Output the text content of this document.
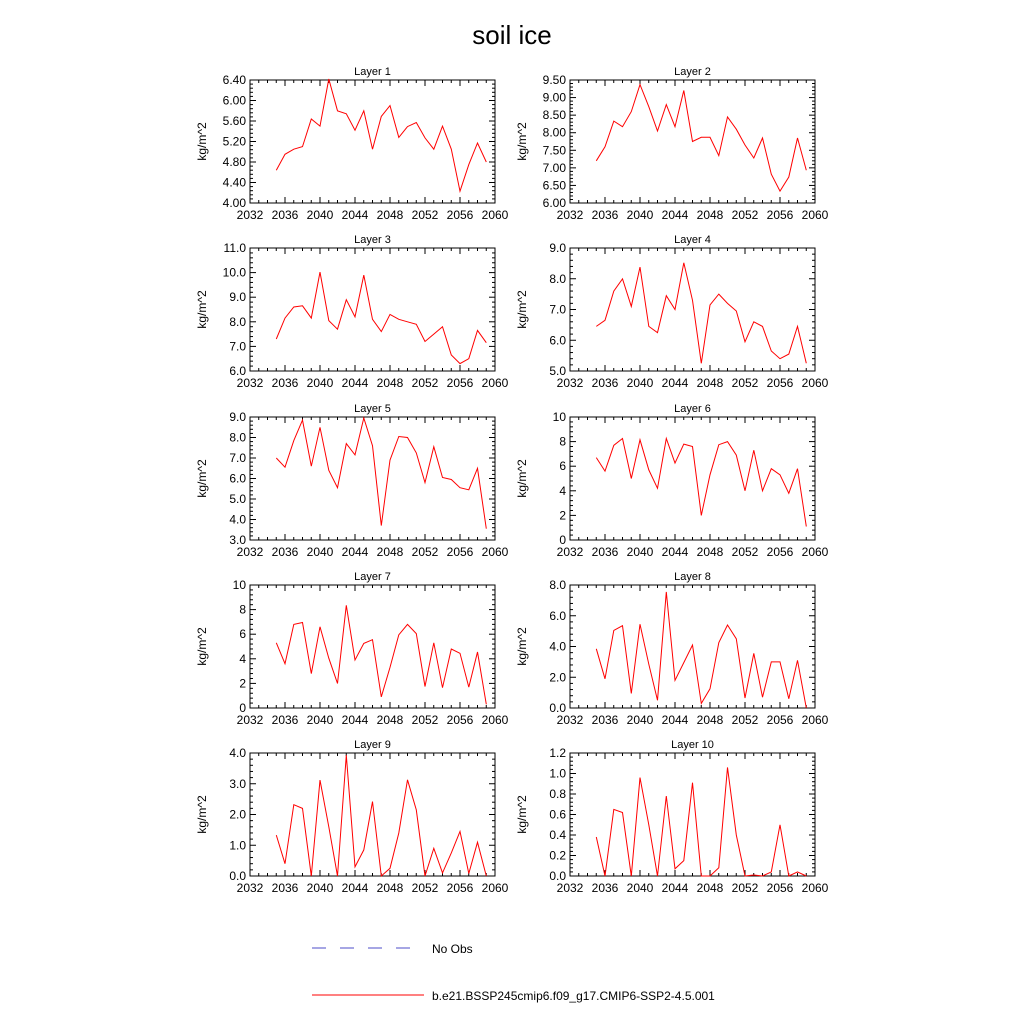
soil ice
Layer 1
2032 2036 2040 2044 2048 2052 2056 2060
4.00
4.40
4.80
5.20
5.60
6.00
6.40
kg/m^2
Layer 2
2032 2036 2040 2044 2048 2052 2056 2060
6.00
6.50
7.00
7.50
8.00
8.50
9.00
9.50
kg/m^2
Layer 3
2032 2036 2040 2044 2048 2052 2056 2060
6.0
7.0
8.0
9.0
10.0
11.0
kg/m^2
Layer 4
2032 2036 2040 2044 2048 2052 2056 2060
5.0
6.0
7.0
8.0
9.0
kg/m^2
Layer 5
2032 2036 2040 2044 2048 2052 2056 2060
3.0
4.0
5.0
6.0
7.0
8.0
9.0
kg/m^2
Layer 6
2032 2036 2040 2044 2048 2052 2056 2060
0
2
4
6
8
10
kg/m^2
Layer 7
2032 2036 2040 2044 2048 2052 2056 2060
0
2
4
6
8
10
kg/m^2
Layer 8
2032 2036 2040 2044 2048 2052 2056 2060
0.0
2.0
4.0
6.0
8.0
kg/m^2
Layer 9
2032 2036 2040 2044 2048 2052 2056 2060
0.0
1.0
2.0
3.0
4.0
kg/m^2
Layer 10
2032 2036 2040 2044 2048 2052 2056 2060
0.0
0.2
0.4
0.6
0.8
1.0
1.2
kg/m^2
No Obs
b.e21.BSSP245cmip6.f09_g17.CMIP6-SSP2-4.5.001
